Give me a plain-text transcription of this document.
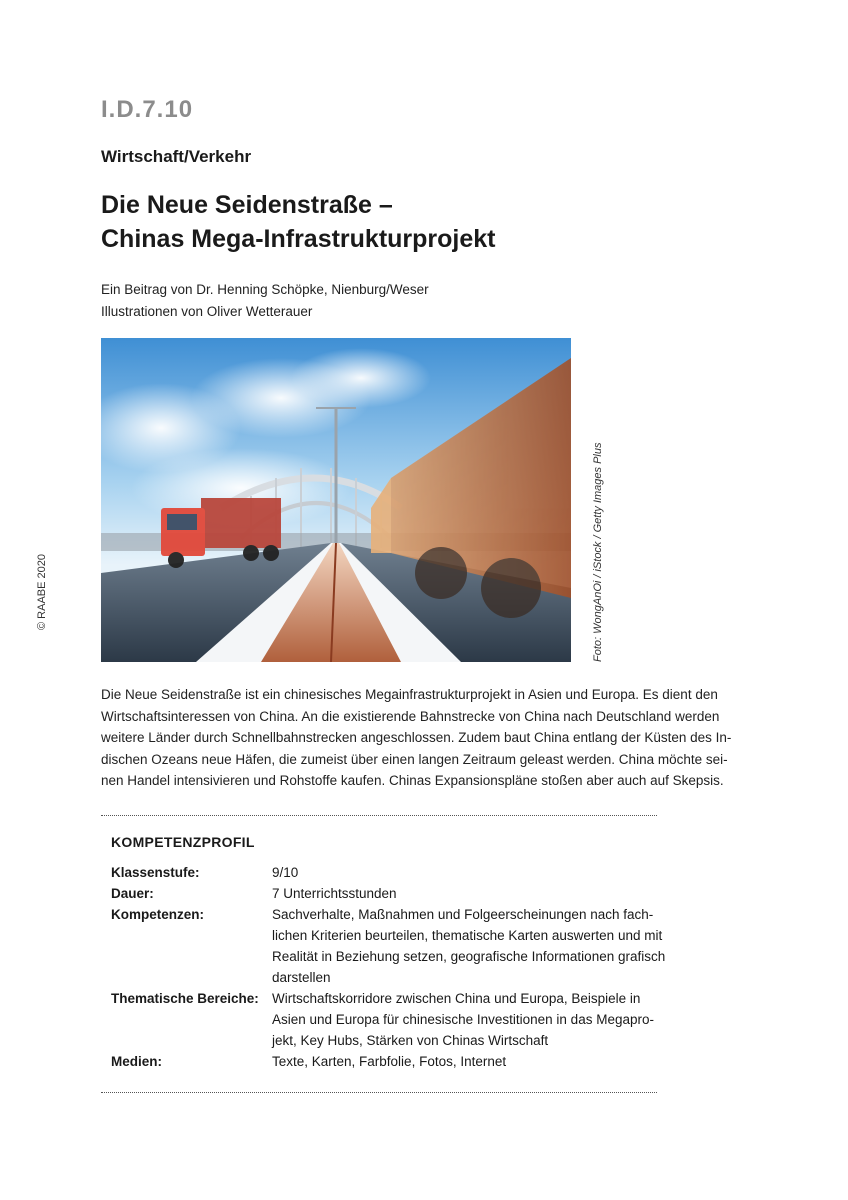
I.D.7.10
Wirtschaft/Verkehr
Die Neue Seidenstraße –
Chinas Mega-Infrastrukturprojekt
Ein Beitrag von Dr. Henning Schöpke, Nienburg/Weser
Illustrationen von Oliver Wetterauer
© RAABE 2020	Foto: WongAnOi / iStock / Getty Images Plus
Die Neue Seidenstraße ist ein chinesisches Megainfrastrukturprojekt in Asien und Europa. Es dient den
Wirtschaftsinteressen von China. An die existierende Bahnstrecke von China nach Deutschland werden
weitere Länder durch Schnellbahnstrecken angeschlossen. Zudem baut China entlang der Küsten des In-
dischen Ozeans neue Häfen, die zumeist über einen langen Zeitraum geleast werden. China möchte sei-
nen Handel intensivieren und Rohstoffe kaufen. Chinas Expansionspläne stoßen aber auch auf Skepsis.
KOMPETENZPROFIL
Klassenstufe:	9/10
Dauer:	7 Unterrichtsstunden
Kompetenzen:	Sachverhalte, Maßnahmen und Folgeerscheinungen nach fach-
lichen Kriterien beurteilen, thematische Karten auswerten und mit
Realität in Beziehung setzen, geografische Informationen grafisch
darstellen
Thematische Bereiche: Wirtschaftskorridore zwischen China und Europa, Beispiele in
Asien und Europa für chinesische Investitionen in das Megapro-
jekt, Key Hubs, Stärken von Chinas Wirtschaft
Medien:	Texte, Karten, Farbfolie, Fotos, Internet
